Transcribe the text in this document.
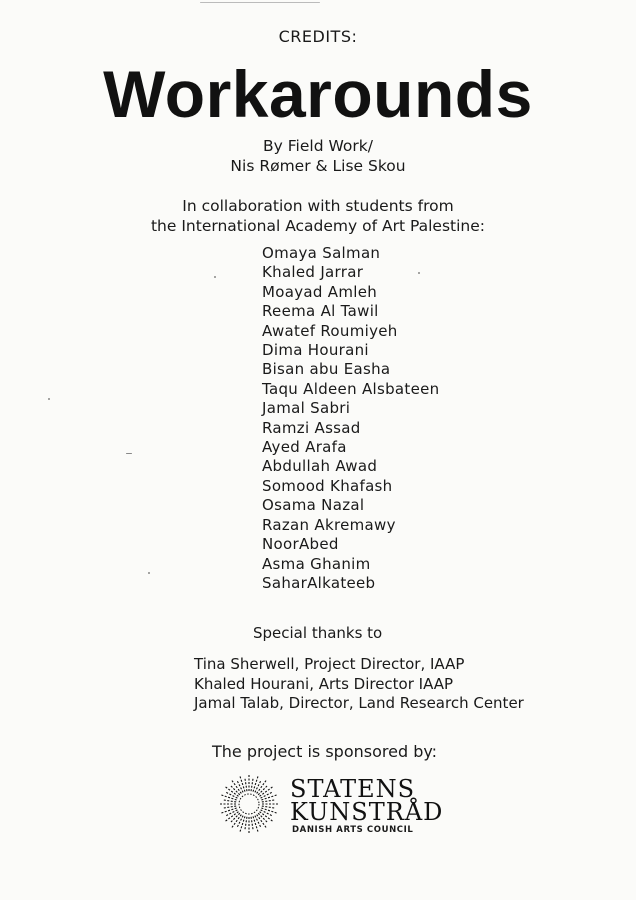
CREDITS:
Workarounds
By Field Work/
Nis Rømer & Lise Skou
In collaboration with students from
the International Academy of Art Palestine:
Omaya Salman
Khaled Jarrar
Moayad Amleh
Reema Al Tawil
Awatef Roumiyeh
Dima Hourani
Bisan abu Easha
Taqu Aldeen Alsbateen
Jamal Sabri
Ramzi Assad
Ayed Arafa
Abdullah Awad
Somood Khafash
Osama Nazal
Razan Akremawy
NoorAbed
Asma Ghanim
SaharAlkateeb
Special thanks to
Tina Sherwell, Project Director, IAAP
Khaled Hourani, Arts Director IAAP
Jamal Talab, Director, Land Research Center
The project is sponsored by:
STATENS
KUNSTRÅD
DANISH ARTS COUNCIL
